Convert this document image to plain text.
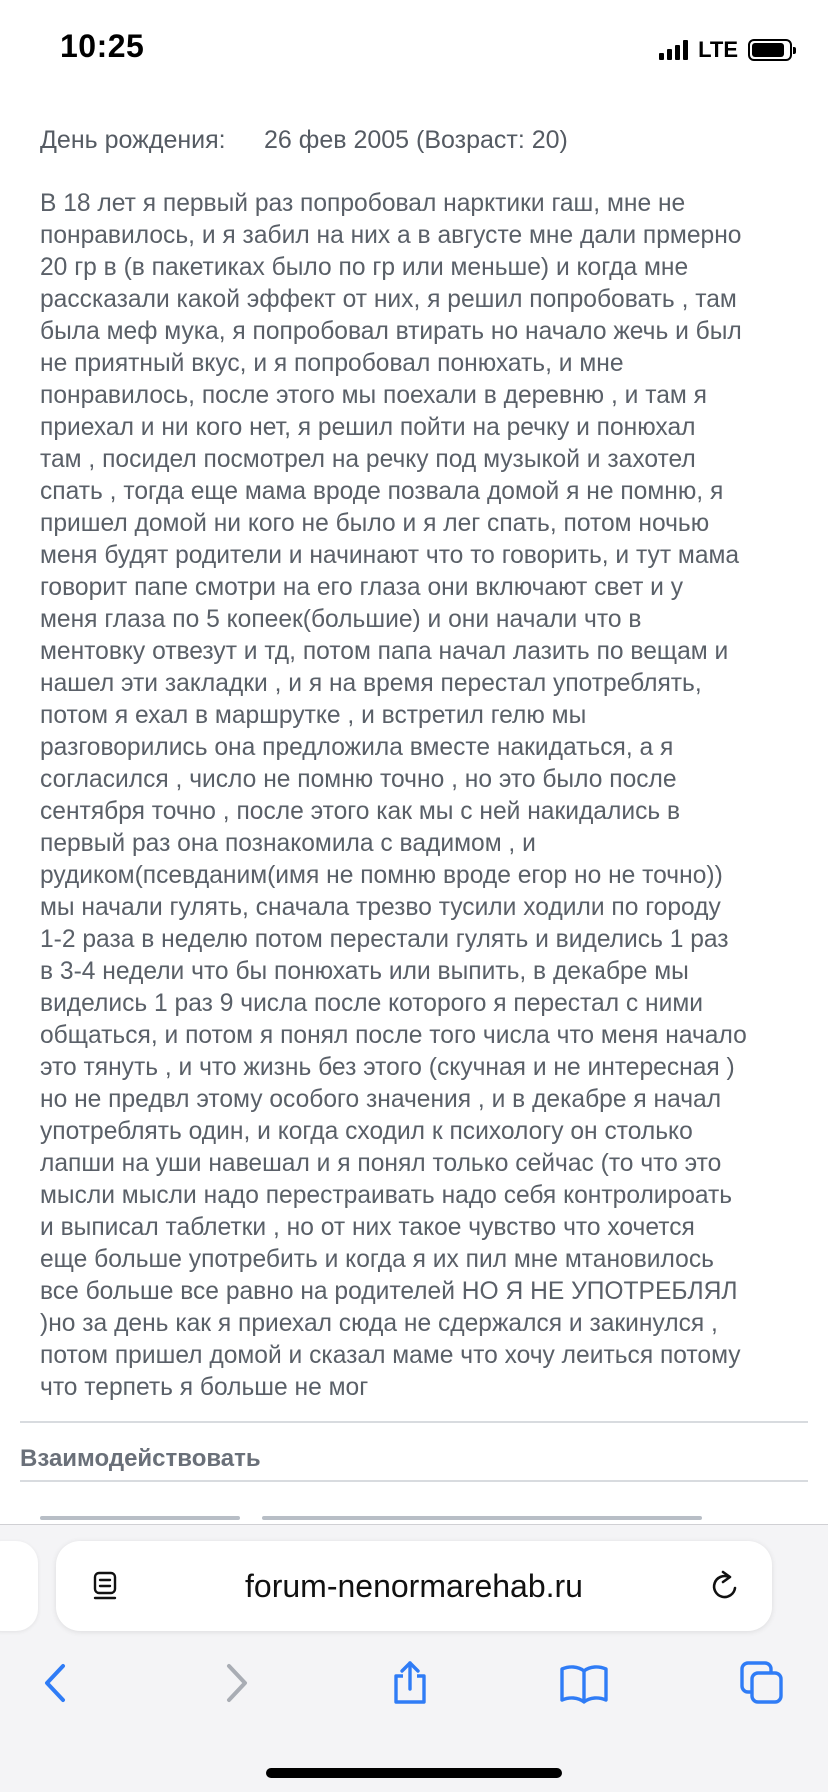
10:25	LTE
День рождения: 26 фев 2005 (Возраст: 20)
В 18 лет я первый раз попробовал нарктики гаш, мне не
понравилось, и я забил на них а в августе мне дали прмерно
20 гр в (в пакетиках было по гр или меньше) и когда мне
рассказали какой эффект от них, я решил попробовать , там
была меф мука, я попробовал втирать но начало жечь и был
не приятный вкус, и я попробовал понюхать, и мне
понравилось, после этого мы поехали в деревню , и там я
приехал и ни кого нет, я решил пойти на речку и понюхал
там , посидел посмотрел на речку под музыкой и захотел
спать , тогда еще мама вроде позвала домой я не помню, я
пришел домой ни кого не было и я лег спать, потом ночью
меня будят родители и начинают что то говорить, и тут мама
говорит папе смотри на его глаза они включают свет и у
меня глаза по 5 копеек(большие) и они начали что в
ментовку отвезут и тд, потом папа начал лазить по вещам и
нашел эти закладки , и я на время перестал употреблять,
потом я ехал в маршрутке , и встретил гелю мы
разговорились она предложила вместе накидаться, а я
согласился , число не помню точно , но это было после
сентября точно , после этого как мы с ней накидались в
первый раз она познакомила с вадимом , и
рудиком(псевданим(имя не помню вроде егор но не точно))
мы начали гулять, сначала трезво тусили ходили по городу
1-2 раза в неделю потом перестали гулять и виделись 1 раз
в 3-4 недели что бы понюхать или выпить, в декабре мы
виделись 1 раз 9 числа после которого я перестал с ними
общаться, и потом я понял после того числа что меня начало
это тянуть , и что жизнь без этого (скучная и не интересная )
но не предвл этому особого значения , и в декабре я начал
употреблять один, и когда сходил к психологу он столько
лапши на уши навешал и я понял только сейчас (то что это
мысли мысли надо перестраивать надо себя контролироать
и выписал таблетки , но от них такое чувство что хочется
еще больше употребить и когда я их пил мне мтановилось
все больше все равно на родителей НО Я НЕ УПОТРЕБЛЯЛ
)но за день как я приехал сюда не сдержался и закинулся ,
потом пришел домой и сказал маме что хочу леиться потому
что терпеть я больше не мог
Взаимодействовать
forum-nenormarehab.ru
